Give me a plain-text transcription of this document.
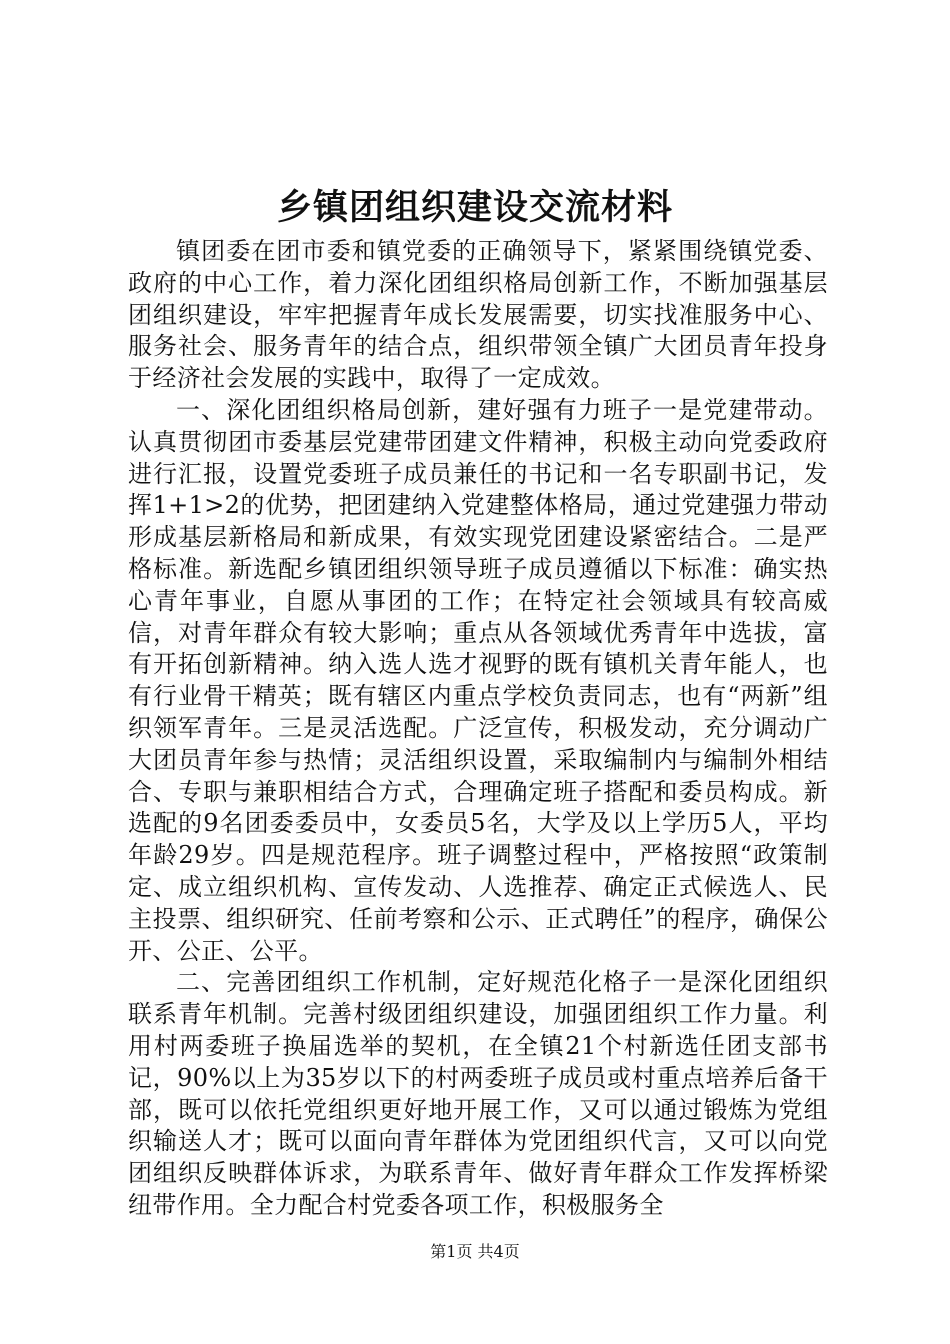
乡镇团组织建设交流材料

镇团委在团市委和镇党委的正确领导下，紧紧围绕镇党委、政府的中心工作，着力深化团组织格局创新工作，不断加强基层团组织建设，牢牢把握青年成长发展需要，切实找准服务中心、服务社会、服务青年的结合点，组织带领全镇广大团员青年投身于经济社会发展的实践中，取得了一定成效。

一、深化团组织格局创新，建好强有力班子一是党建带动。认真贯彻团市委基层党建带团建文件精神，积极主动向党委政府进行汇报，设置党委班子成员兼任的书记和一名专职副书记，发挥1+1>2的优势，把团建纳入党建整体格局，通过党建强力带动形成基层新格局和新成果，有效实现党团建设紧密结合。二是严格标准。新选配乡镇团组织领导班子成员遵循以下标准：确实热心青年事业，自愿从事团的工作；在特定社会领域具有较高威信，对青年群众有较大影响；重点从各领域优秀青年中选拔，富有开拓创新精神。纳入选人选才视野的既有镇机关青年能人，也有行业骨干精英；既有辖区内重点学校负责同志，也有“两新”组织领军青年。三是灵活选配。广泛宣传，积极发动，充分调动广大团员青年参与热情；灵活组织设置，采取编制内与编制外相结合、专职与兼职相结合方式，合理确定班子搭配和委员构成。新选配的9名团委委员中，女委员5名，大学及以上学历5人，平均年龄29岁。四是规范程序。班子调整过程中，严格按照“政策制定、成立组织机构、宣传发动、人选推荐、确定正式候选人、民主投票、组织研究、任前考察和公示、正式聘任”的程序，确保公开、公正、公平。

二、完善团组织工作机制，定好规范化格子一是深化团组织联系青年机制。完善村级团组织建设，加强团组织工作力量。利用村两委班子换届选举的契机，在全镇21个村新选任团支部书记，90%以上为35岁以下的村两委班子成员或村重点培养后备干部，既可以依托党组织更好地开展工作，又可以通过锻炼为党组织输送人才；既可以面向青年群体为党团组织代言，又可以向党团组织反映群体诉求，为联系青年、做好青年群众工作发挥桥梁纽带作用。全力配合村党委各项工作，积极服务全

第1页 共4页
